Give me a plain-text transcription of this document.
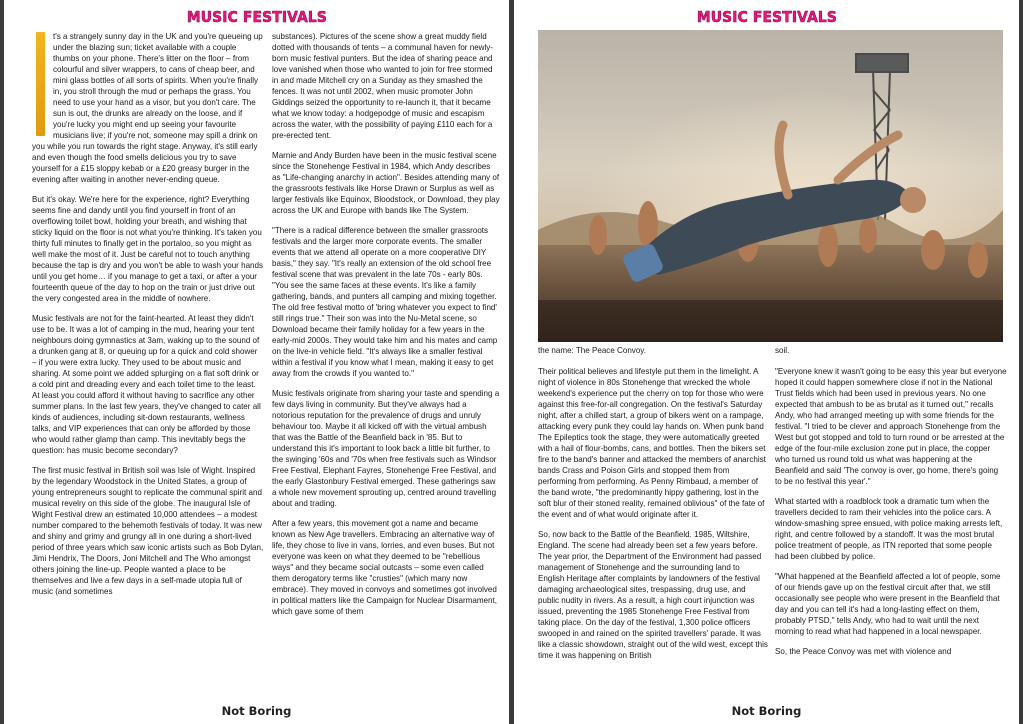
MUSIC FESTIVALS

t's a strangely sunny day in the UK and you're queueing up under the blazing sun; ticket available with a couple thumbs on your phone. There's litter on the floor – from colourful and silver wrappers, to cans of cheap beer, and mini glass bottles of all sorts of spirits. When you're finally in, you stroll through the mud or perhaps the grass. You need to use your hand as a visor, but you don't care. The sun is out, the drunks are already on the loose, and if you're lucky you might end up seeing your favourite musicians live; if you're not, someone may spill a drink on you while you run towards the right stage. Anyway, it's still early and even though the food smells delicious you try to save yourself for a £15 sloppy kebab or a £20 greasy burger in the evening after waiting in another never-ending queue.

But it's okay. We're here for the experience, right? Everything seems fine and dandy until you find yourself in front of an overflowing toilet bowl, holding your breath, and wishing that sticky liquid on the floor is not what you're thinking. It's taken you thirty full minutes to finally get in the portaloo, so you might as well make the most of it. Just be careful not to touch anything because the tap is dry and you won't be able to wash your hands until you get home… if you manage to get a taxi, or after a your fourteenth queue of the day to hop on the train or just drive out the very congested area in the middle of nowhere.

Music festivals are not for the faint-hearted. At least they didn't use to be. It was a lot of camping in the mud, hearing your tent neighbours doing gymnastics at 3am, waking up to the sound of a drunken gang at 8, or queuing up for a quick and cold shower – if you were extra lucky. They used to be about music and sharing. At some point we added splurging on a flat soft drink or a cold pint and dreading every and each toilet time to the least. At least you could afford it without having to sacrifice any other summer plans. In the last few years, they've changed to cater all kinds of audiences, including sit-down restaurants, wellness talks, and VIP experiences that can only be afforded by those who would rather glamp than camp. This inevitably begs the question: has music become secondary?

The first music festival in British soil was Isle of Wight. Inspired by the legendary Woodstock in the United States, a group of young entrepreneurs sought to replicate the communal spirit and musical revelry on this side of the globe. The inaugural Isle of Wight Festival drew an estimated 10,000 attendees – a modest number compared to the behemoth festivals of today. It was new and shiny and grimy and grungy all in one during a short-lived period of three years which saw iconic artists such as Bob Dylan, Jimi Hendrix, The Doors, Joni Mitchell and The Who amongst others joining the line-up. People wanted a place to be themselves and live a few days in a self-made utopia full of music (and sometimes

substances). Pictures of the scene show a great muddy field dotted with thousands of tents – a communal haven for newly-born music festival punters. But the idea of sharing peace and love vanished when those who wanted to join for free stormed in and made Mitchell cry on a Sunday as they smashed the fences. It was not until 2002, when music promoter John Giddings seized the opportunity to re-launch it, that it became what we know today: a hodgepodge of music and escapism across the water, with the possibility of paying £110 each for a pre-erected tent.

Marnie and Andy Burden have been in the music festival scene since the Stonehenge Festival in 1984, which Andy describes as "Life-changing anarchy in action". Besides attending many of the grassroots festivals like Horse Drawn or Surplus as well as larger festivals like Equinox, Bloodstock, or Download, they play across the UK and Europe with bands like The System.

"There is a radical difference between the smaller grassroots festivals and the larger more corporate events. The smaller events that we attend all operate on a more cooperative DIY basis," they say. "It's really an extension of the old school free festival scene that was prevalent in the late 70s - early 80s. "You see the same faces at these events. It's like a family gathering, bands, and punters all camping and mixing together. The old free festival motto of 'bring whatever you expect to find' still rings true." Their son was into the Nu-Metal scene, so Download became their family holiday for a few years in the early-mid 2000s. They would take him and his mates and camp on the live-in vehicle field. "It's always like a smaller festival within a festival if you know what I mean, making it easy to get away from the crowds if you wanted to."

Music festivals originate from sharing your taste and spending a few days living in community. But they've always had a notorious reputation for the prevalence of drugs and unruly behaviour too. Maybe it all kicked off with the virtual ambush that was the Battle of the Beanfield back in '85. But to understand this it's important to look back a little bit further, to the swinging '60s and '70s when free festivals such as Windsor Free Festival, Elephant Fayres, Stonehenge Free Festival, and the early Glastonbury Festival emerged. These gatherings saw a whole new movement sprouting up, centred around travelling about and trading.

After a few years, this movement got a name and became known as New Age travellers. Embracing an alternative way of life, they chose to live in vans, lorries, and even buses. But not everyone was keen on what they deemed to be "rebellious ways" and they became social outcasts – some even called them derogatory terms like "crusties" (which many now embrace). They moved in convoys and sometimes got involved in political matters like the Campaign for Nuclear Disarmament, which gave some of them

Not Boring
MUSIC FESTIVALS
the name: The Peace Convoy.	soil.

Their political believes and lifestyle put them in the limelight. A night of violence in 80s Stonehenge that wrecked the whole weekend's experience put the cherry on top for those who were against this free-for-all congregation. On the festival's Saturday night, after a chilled start, a group of bikers went on a rampage, attacking every punk they could lay hands on. When punk band The Epileptics took the stage, they were automatically greeted with a hail of flour-bombs, cans, and bottles. Then the bikers set fire to the band's banner and attacked the members of anarchist bands Crass and Poison Girls and stopped them from performing from performing. As Penny Rimbaud, a member of the band wrote, "the predominantly hippy gathering, lost in the soft blur of their stoned reality, remained oblivious" of the fate of the event and of what would originate after it.

So, now back to the Battle of the Beanfield. 1985, Wiltshire, England. The scene had already been set a few years before. The year prior, the Department of the Environment had passed management of Stonehenge and the surrounding land to English Heritage after complaints by landowners of the festival damaging archaeological sites, trespassing, drug use, and public nudity in rivers. As a result, a high court injunction was issued, preventing the 1985 Stonehenge Free Festival from taking place. On the day of the festival, 1,300 police officers swooped in and rained on the spirited travellers' parade. It was like a classic showdown, straight out of the wild west, except this time it was happening on British

"Everyone knew it wasn't going to be easy this year but everyone hoped it could happen somewhere close if not in the National Trust fields which had been used in previous years. No one expected that ambush to be as brutal as it turned out," recalls Andy, who had arranged meeting up with some friends for the festival. "I tried to be clever and approach Stonehenge from the West but got stopped and told to turn round or be arrested at the edge of the four-mile exclusion zone put in place, the copper who turned us round told us what was happening at the Beanfield and said 'The convoy is over, go home, there's going to be no festival this year'."

What started with a roadblock took a dramatic turn when the travellers decided to ram their vehicles into the police cars. A window-smashing spree ensued, with police making arrests left, right, and centre followed by a standoff. It was the most brutal police treatment of people, as ITN reported that some people had been clubbed by police.

"What happened at the Beanfield affected a lot of people, some of our friends gave up on the festival circuit after that, we still occasionally see people who were present in the Beanfield that day and you can tell it's had a long-lasting effect on them, probably PTSD," tells Andy, who had to wait until the next morning to read what had happened in a local newspaper.

So, the Peace Convoy was met with violence and

Not Boring
